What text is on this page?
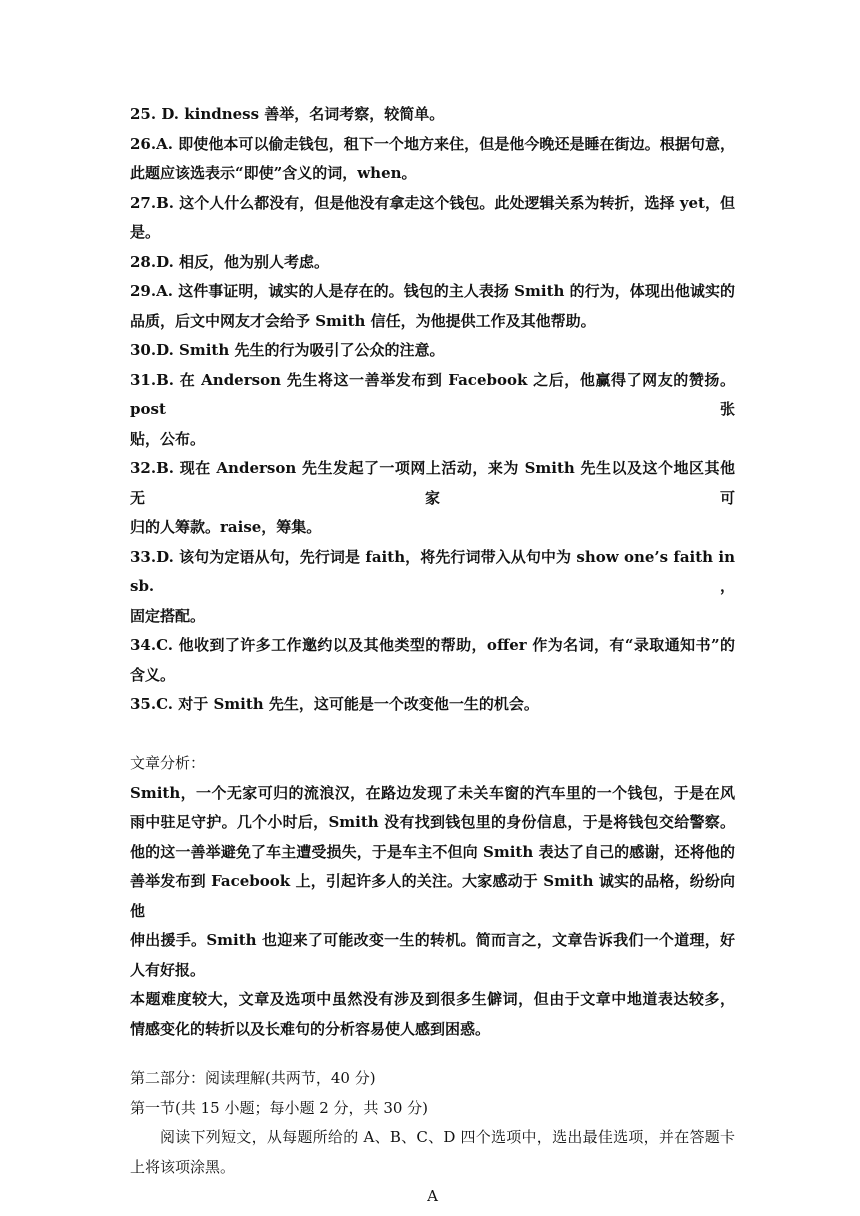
25. D. kindness 善举，名词考察，较简单。

26.A. 即使他本可以偷走钱包，租下一个地方来住，但是他今晚还是睡在街边。根据句意，

此题应该选表示“即使”含义的词，when。

27.B. 这个人什么都没有，但是他没有拿走这个钱包。此处逻辑关系为转折，选择 yet，但

是。

28.D. 相反，他为别人考虑。

29.A. 这件事证明，诚实的人是存在的。钱包的主人表扬 Smith 的行为，体现出他诚实的

品质，后文中网友才会给予 Smith 信任，为他提供工作及其他帮助。

30.D. Smith 先生的行为吸引了公众的注意。

31.B. 在 Anderson 先生将这一善举发布到 Facebook 之后，他赢得了网友的赞扬。post 张

贴，公布。

32.B. 现在 Anderson 先生发起了一项网上活动，来为 Smith 先生以及这个地区其他无家可

归的人筹款。raise，筹集。

33.D. 该句为定语从句，先行词是 faith，将先行词带入从句中为 show one’s faith in sb.，

固定搭配。

34.C. 他收到了许多工作邀约以及其他类型的帮助，offer 作为名词，有“录取通知书”的

含义。

35.C. 对于 Smith 先生，这可能是一个改变他一生的机会。

文章分析：

Smith，一个无家可归的流浪汉，在路边发现了未关车窗的汽车里的一个钱包，于是在风

雨中驻足守护。几个小时后，Smith 没有找到钱包里的身份信息，于是将钱包交给警察。

他的这一善举避免了车主遭受损失，于是车主不但向 Smith 表达了自己的感谢，还将他的

善举发布到 Facebook 上，引起许多人的关注。大家感动于 Smith 诚实的品格，纷纷向他

伸出援手。Smith 也迎来了可能改变一生的转机。简而言之，文章告诉我们一个道理，好

人有好报。

本题难度较大，文章及选项中虽然没有涉及到很多生僻词，但由于文章中地道表达较多，

情感变化的转折以及长难句的分析容易使人感到困惑。

第二部分：阅读理解(共两节，40 分)

第一节(共 15 小题；每小题 2 分，共 30 分)

阅读下列短文，从每题所给的 A、B、C、D 四个选项中，选出最佳选项，并在答题卡

上将该项涂黑。

A
